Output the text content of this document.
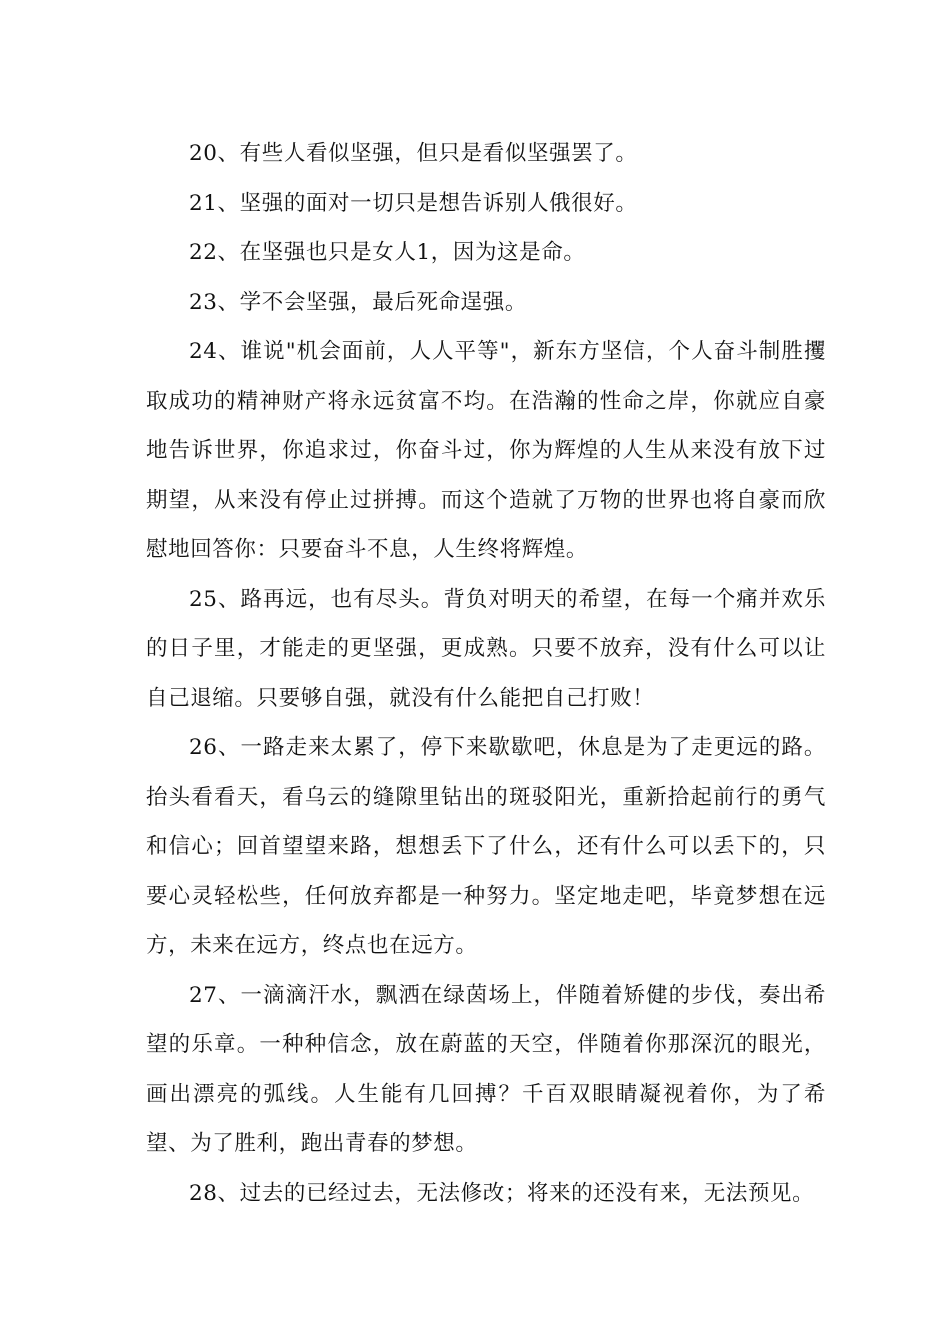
20、有些人看似坚强，但只是看似坚强罢了。

21、坚强的面对一切只是想告诉别人俄很好。

22、在坚强也只是女人1，因为这是命。

23、学不会坚强，最后死命逞强。

24、谁说"机会面前，人人平等"，新东方坚信，个人奋斗制胜攫取成功的精神财产将永远贫富不均。在浩瀚的性命之岸，你就应自豪地告诉世界，你追求过，你奋斗过，你为辉煌的人生从来没有放下过期望，从来没有停止过拼搏。而这个造就了万物的世界也将自豪而欣慰地回答你：只要奋斗不息，人生终将辉煌。

25、路再远，也有尽头。背负对明天的希望，在每一个痛并欢乐的日子里，才能走的更坚强，更成熟。只要不放弃，没有什么可以让自己退缩。只要够自强，就没有什么能把自己打败！

26、一路走来太累了，停下来歇歇吧，休息是为了走更远的路。抬头看看天，看乌云的缝隙里钻出的斑驳阳光，重新拾起前行的勇气和信心；回首望望来路，想想丢下了什么，还有什么可以丢下的，只要心灵轻松些，任何放弃都是一种努力。坚定地走吧，毕竟梦想在远方，未来在远方，终点也在远方。

27、一滴滴汗水，飘洒在绿茵场上，伴随着矫健的步伐，奏出希望的乐章。一种种信念，放在蔚蓝的天空，伴随着你那深沉的眼光，画出漂亮的弧线。人生能有几回搏？千百双眼睛凝视着你，为了希望、为了胜利，跑出青春的梦想。

28、过去的已经过去，无法修改；将来的还没有来，无法预见。
